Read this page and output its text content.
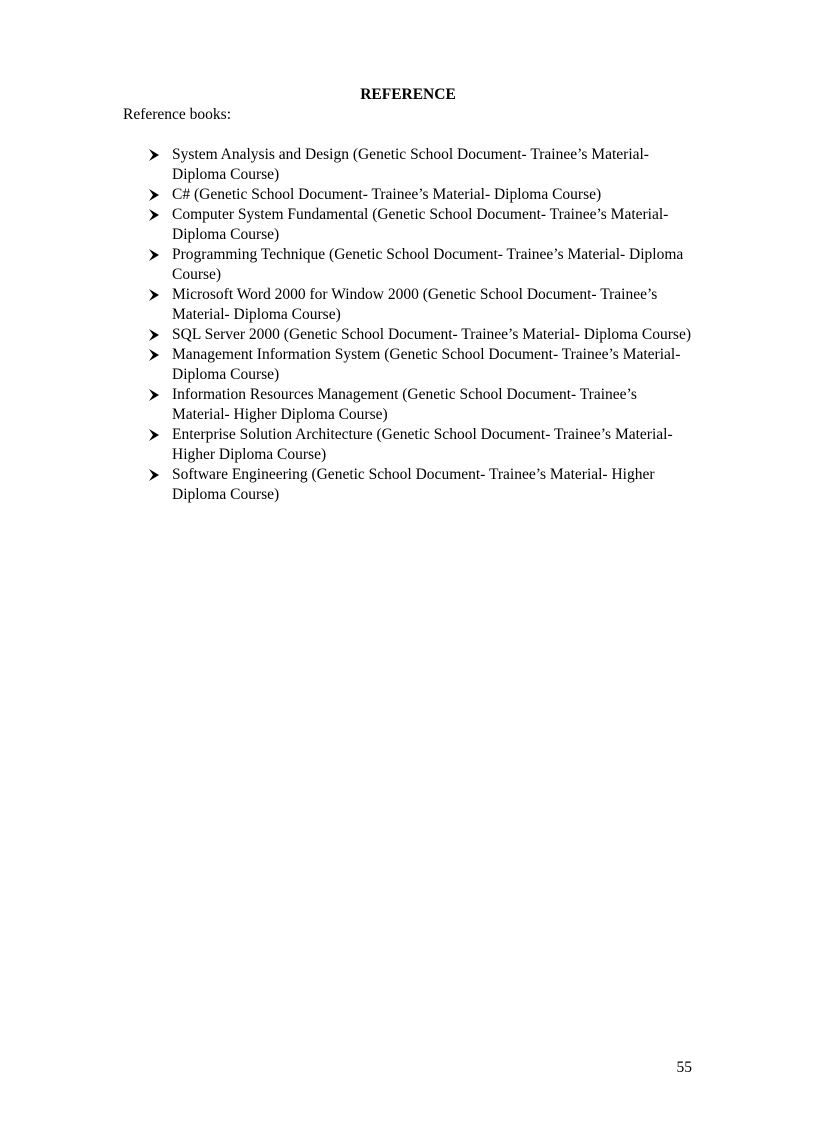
REFERENCE
Reference books:
System Analysis and Design (Genetic School Document- Trainee’s Material- Diploma Course)
C# (Genetic School Document- Trainee’s Material- Diploma Course)
Computer System Fundamental (Genetic School Document- Trainee’s Material- Diploma Course)
Programming Technique (Genetic School Document- Trainee’s Material- Diploma Course)
Microsoft Word 2000 for Window 2000 (Genetic School Document- Trainee’s Material- Diploma Course)
SQL Server 2000 (Genetic School Document- Trainee’s Material- Diploma Course)
Management Information System (Genetic School Document- Trainee’s Material- Diploma Course)
Information Resources Management (Genetic School Document- Trainee’s Material- Higher Diploma Course)
Enterprise Solution Architecture (Genetic School Document- Trainee’s Material- Higher Diploma Course)
Software Engineering (Genetic School Document- Trainee’s Material- Higher Diploma Course)
55
